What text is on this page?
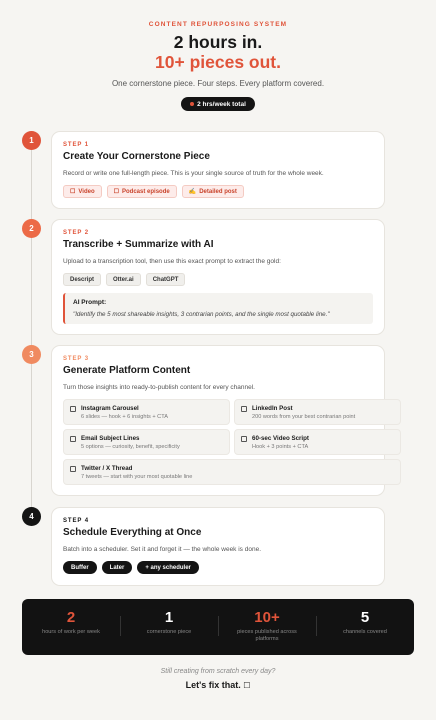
CONTENT REPURPOSING SYSTEM
2 hours in.
10+ pieces out.
One cornerstone piece. Four steps. Every platform covered.
2 hrs/week total
1	STEP 1
Create Your Cornerstone Piece
Record or write one full-length piece. This is your single source of truth for the whole week.
☐ Video	☐ Podcast episode	✍ Detailed post
2	STEP 2
Transcribe + Summarize with AI
Upload to a transcription tool, then use this exact prompt to extract the gold:
Descript	Otter.ai	ChatGPT
AI Prompt:
"Identify the 5 most shareable insights, 3 contrarian points, and the single most quotable line."
3	STEP 3
Generate Platform Content
Turn those insights into ready-to-publish content for every channel.
Instagram Carousel
6 slides — hook + 6 insights + CTA
LinkedIn Post
200 words from your best contrarian point
Email Subject Lines
5 options — curiosity, benefit, specificity
60-sec Video Script
Hook + 3 points + CTA
Twitter / X Thread
7 tweets — start with your most quotable line
4	STEP 4
Schedule Everything at Once
Batch into a scheduler. Set it and forget it — the whole week is done.
Buffer	Later	+ any scheduler
2
hours of work per week
1
cornerstone piece
10+
pieces published across platforms
5
channels covered
Still creating from scratch every day?
Let's fix that. ☐
